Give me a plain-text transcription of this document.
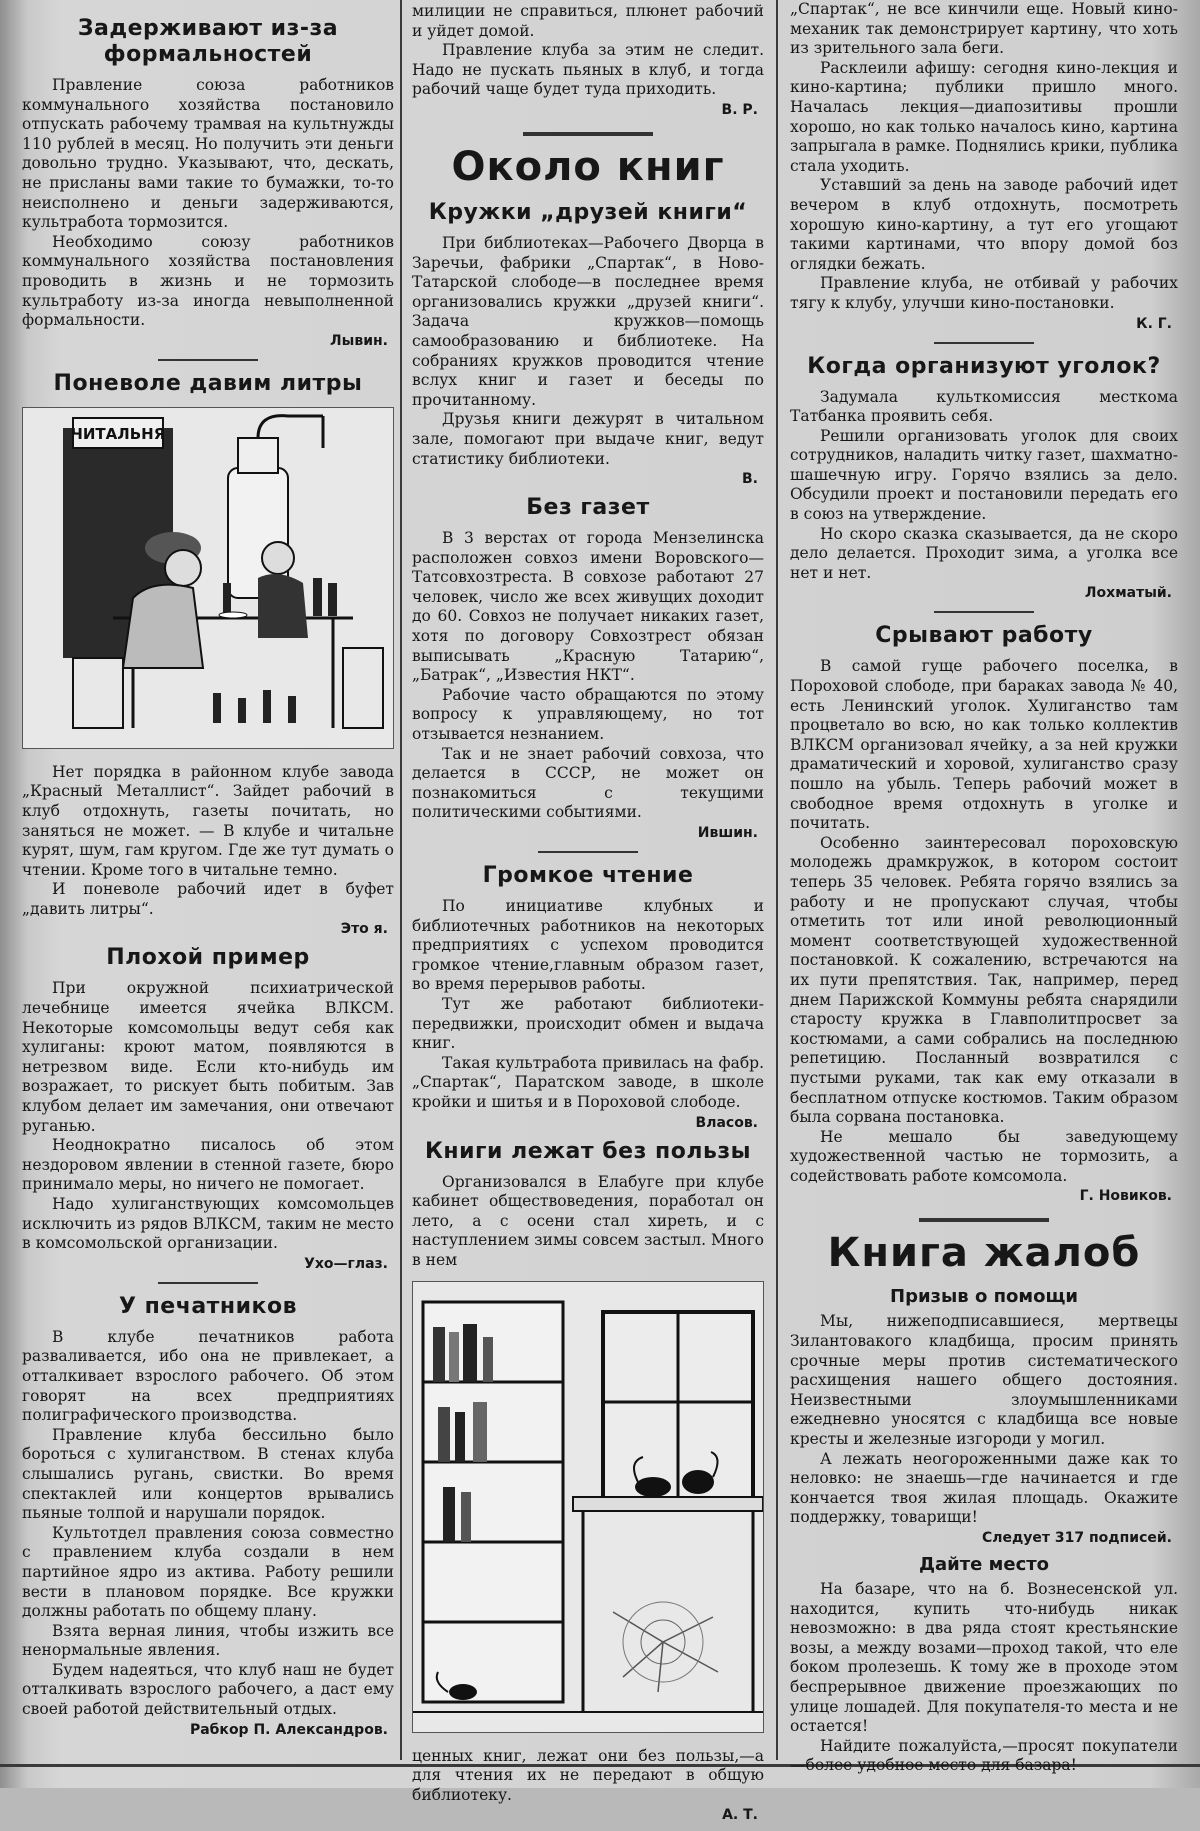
Задерживают из-за формальностей

Правление союза работников коммунального хозяйства постановило отпускать рабочему трамвая на культнужды 110 рублей в месяц. Но получить эти деньги довольно трудно. Указывают, что, дескать, не присланы вами такие то бумажки, то-то неисполнено и деньги задерживаются, культработа тормозится.

Необходимо союзу работников коммунального хозяйства постановления проводить в жизнь и не тормозить культработу из-за иногда невыполненной формальности.

Лывин.
Поневоле давим литры
ЧИТАЛЬНЯ

Нет порядка в районном клубе завода „Красный Металлист“. Зайдет рабочий в клуб отдохнуть, газеты почитать, но заняться не может. — В клубе и читальне курят, шум, гам кругом. Где же тут думать о чтении. Кроме того в читальне темно.

И поневоле рабочий идет в буфет „давить литры“.

Это я.
Плохой пример

При окружной психиатрической лечебнице имеется ячейка ВЛКСМ. Некоторые комсомольцы ведут себя как хулиганы: кроют матом, появляются в нетрезвом виде. Если кто-нибудь им возражает, то рискует быть побитым. Зав клубом делает им замечания, они отвечают руганью.

Неоднократно писалось об этом нездоровом явлении в стенной газете, бюро принимало меры, но ничего не помогает.

Надо хулиганствующих комсомольцев исключить из рядов ВЛКСМ, таким не место в комсомольской организации.

Ухо—глаз.
У печатников

В клубе печатников работа разваливается, ибо она не привлекает, а отталкивает взрослого рабочего. Об этом говорят на всех предприятиях полиграфического производства.

Правление клуба бессильно было бороться с хулиганством. В стенах клуба слышались ругань, свистки. Во время спектаклей или концертов врывались пьяные толпой и нарушали порядок.

Культотдел правления союза совместно с правлением клуба создали в нем партийное ядро из актива. Работу решили вести в плановом порядке. Все кружки должны работать по общему плану.

Взята верная линия, чтобы изжить все ненормальные явления.

Будем надеяться, что клуб наш не будет отталкивать взрослого рабочего, а даст ему своей работой действительный отдых.

Рабкор П. Александров.

милиции не справиться, плюнет рабочий и уйдет домой.

Правление клуба за этим не следит. Надо не пускать пьяных в клуб, и тогда рабочий чаще будет туда приходить.

В. Р.
Около книг
Кружки „друзей книги“

При библиотеках—Рабочего Дворца в Заречьи, фабрики „Спартак“, в Ново-Татарской слободе—в последнее время организовались кружки „друзей книги“. Задача кружков—помощь самообразованию и библиотеке. На собраниях кружков проводится чтение вслух книг и газет и беседы по прочитанному.

Друзья книги дежурят в читальном зале, помогают при выдаче книг, ведут статистику библиотеки.

В.
Без газет

В 3 верстах от города Мензелинска расположен совхоз имени Воровского—Татсовхозтреста. В совхозе работают 27 человек, число же всех живущих доходит до 60. Совхоз не получает никаких газет, хотя по договору Совхозтрест обязан выписывать „Красную Татарию“, „Батрак“, „Известия НКТ“.

Рабочие часто обращаются по этому вопросу к управляющему, но тот отзывается незнанием.

Так и не знает рабочий совхоза, что делается в СССР, не может он познакомиться с текущими политическими событиями.

Ившин.
Громкое чтение

По инициативе клубных и библиотечных работников на некоторых предприятиях с успехом проводится громкое чтение,главным образом газет, во время перерывов работы.

Тут же работают библиотеки-передвижки, происходит обмен и выдача книг.

Такая культработа привилась на фабр. „Спартак“, Паратском заводе, в школе кройки и шитья и в Пороховой слободе.

Власов.
Книги лежат без пользы

Организовался в Елабуге при клубе кабинет обществоведения, поработал он лето, а с осени стал хиреть, и с наступлением зимы совсем застыл. Много в нем

ценных книг, лежат они без пользы,—а для чтения их не передают в общую библиотеку.

А. Т.

„Спартак“, не все кинчили еще. Новый кино-механик так демонстрирует картину, что хоть из зрительного зала беги.

Расклеили афишу: сегодня кино-лекция и кино-картина; публики пришло много. Началась лекция—диапозитивы прошли хорошо, но как только началось кино, картина запрыгала в рамке. Поднялись крики, публика стала уходить.

Уставший за день на заводе рабочий идет вечером в клуб отдохнуть, посмотреть хорошую кино-картину, а тут его угощают такими картинами, что впору домой боз оглядки бежать.

Правление клуба, не отбивай у рабочих тягу к клубу, улучши кино-постановки.

К. Г.
Когда организуют уголок?

Задумала культкомиссия месткома Татбанка проявить себя.

Решили организовать уголок для своих сотрудников, наладить читку газет, шахматно-шашечную игру. Горячо взялись за дело. Обсудили проект и постановили передать его в союз на утверждение.

Но скоро сказка сказывается, да не скоро дело делается. Проходит зима, а уголка все нет и нет.

Лохматый.
Срывают работу

В самой гуще рабочего поселка, в Пороховой слободе, при бараках завода № 40, есть Ленинский уголок. Хулиганство там процветало во всю, но как только коллектив ВЛКСМ организовал ячейку, а за ней кружки драматический и хоровой, хулиганство сразу пошло на убыль. Теперь рабочий может в свободное время отдохнуть в уголке и почитать.

Особенно заинтересовал пороховскую молодежь драмкружок, в котором состоит теперь 35 человек. Ребята горячо взялись за работу и не пропускают случая, чтобы отметить тот или иной революционный момент соответствующей художественной постановкой. К сожалению, встречаются на их пути препятствия. Так, например, перед днем Парижской Коммуны ребята снарядили старосту кружка в Главполитпросвет за костюмами, а сами собрались на последнюю репетицию. Посланный возвратился с пустыми руками, так как ему отказали в бесплатном отпуске костюмов. Таким образом была сорвана постановка.

Не мешало бы заведующему художественной частью не тормозить, а содействовать работе комсомола.

Г. Новиков.
Книга жалоб
Призыв о помощи

Мы, нижеподписавшиеся, мертвецы Зилантовакого кладбища, просим принять срочные меры против систематического расхищения нашего общего достояния. Неизвестными злоумышленниками ежедневно уносятся с кладбища все новые кресты и железные изгороди у могил.

А лежать неогороженными даже как то неловко: не знаешь—где начинается и где кончается твоя жилая площадь. Окажите поддержку, товарищи!

Следует 317 подписей.
Дайте место

На базаре, что на б. Вознесенской ул. находится, купить что-нибудь никак невозможно: в два ряда стоят крестьянские возы, а между возами—проход такой, что еле боком пролезешь. К тому же в проходе этом беспрерывное движение проезжающих по улице лошадей. Для покупателя-то места и не остается!

Найдите пожалуйста,—просят покупатели—более удобное место для базара!
